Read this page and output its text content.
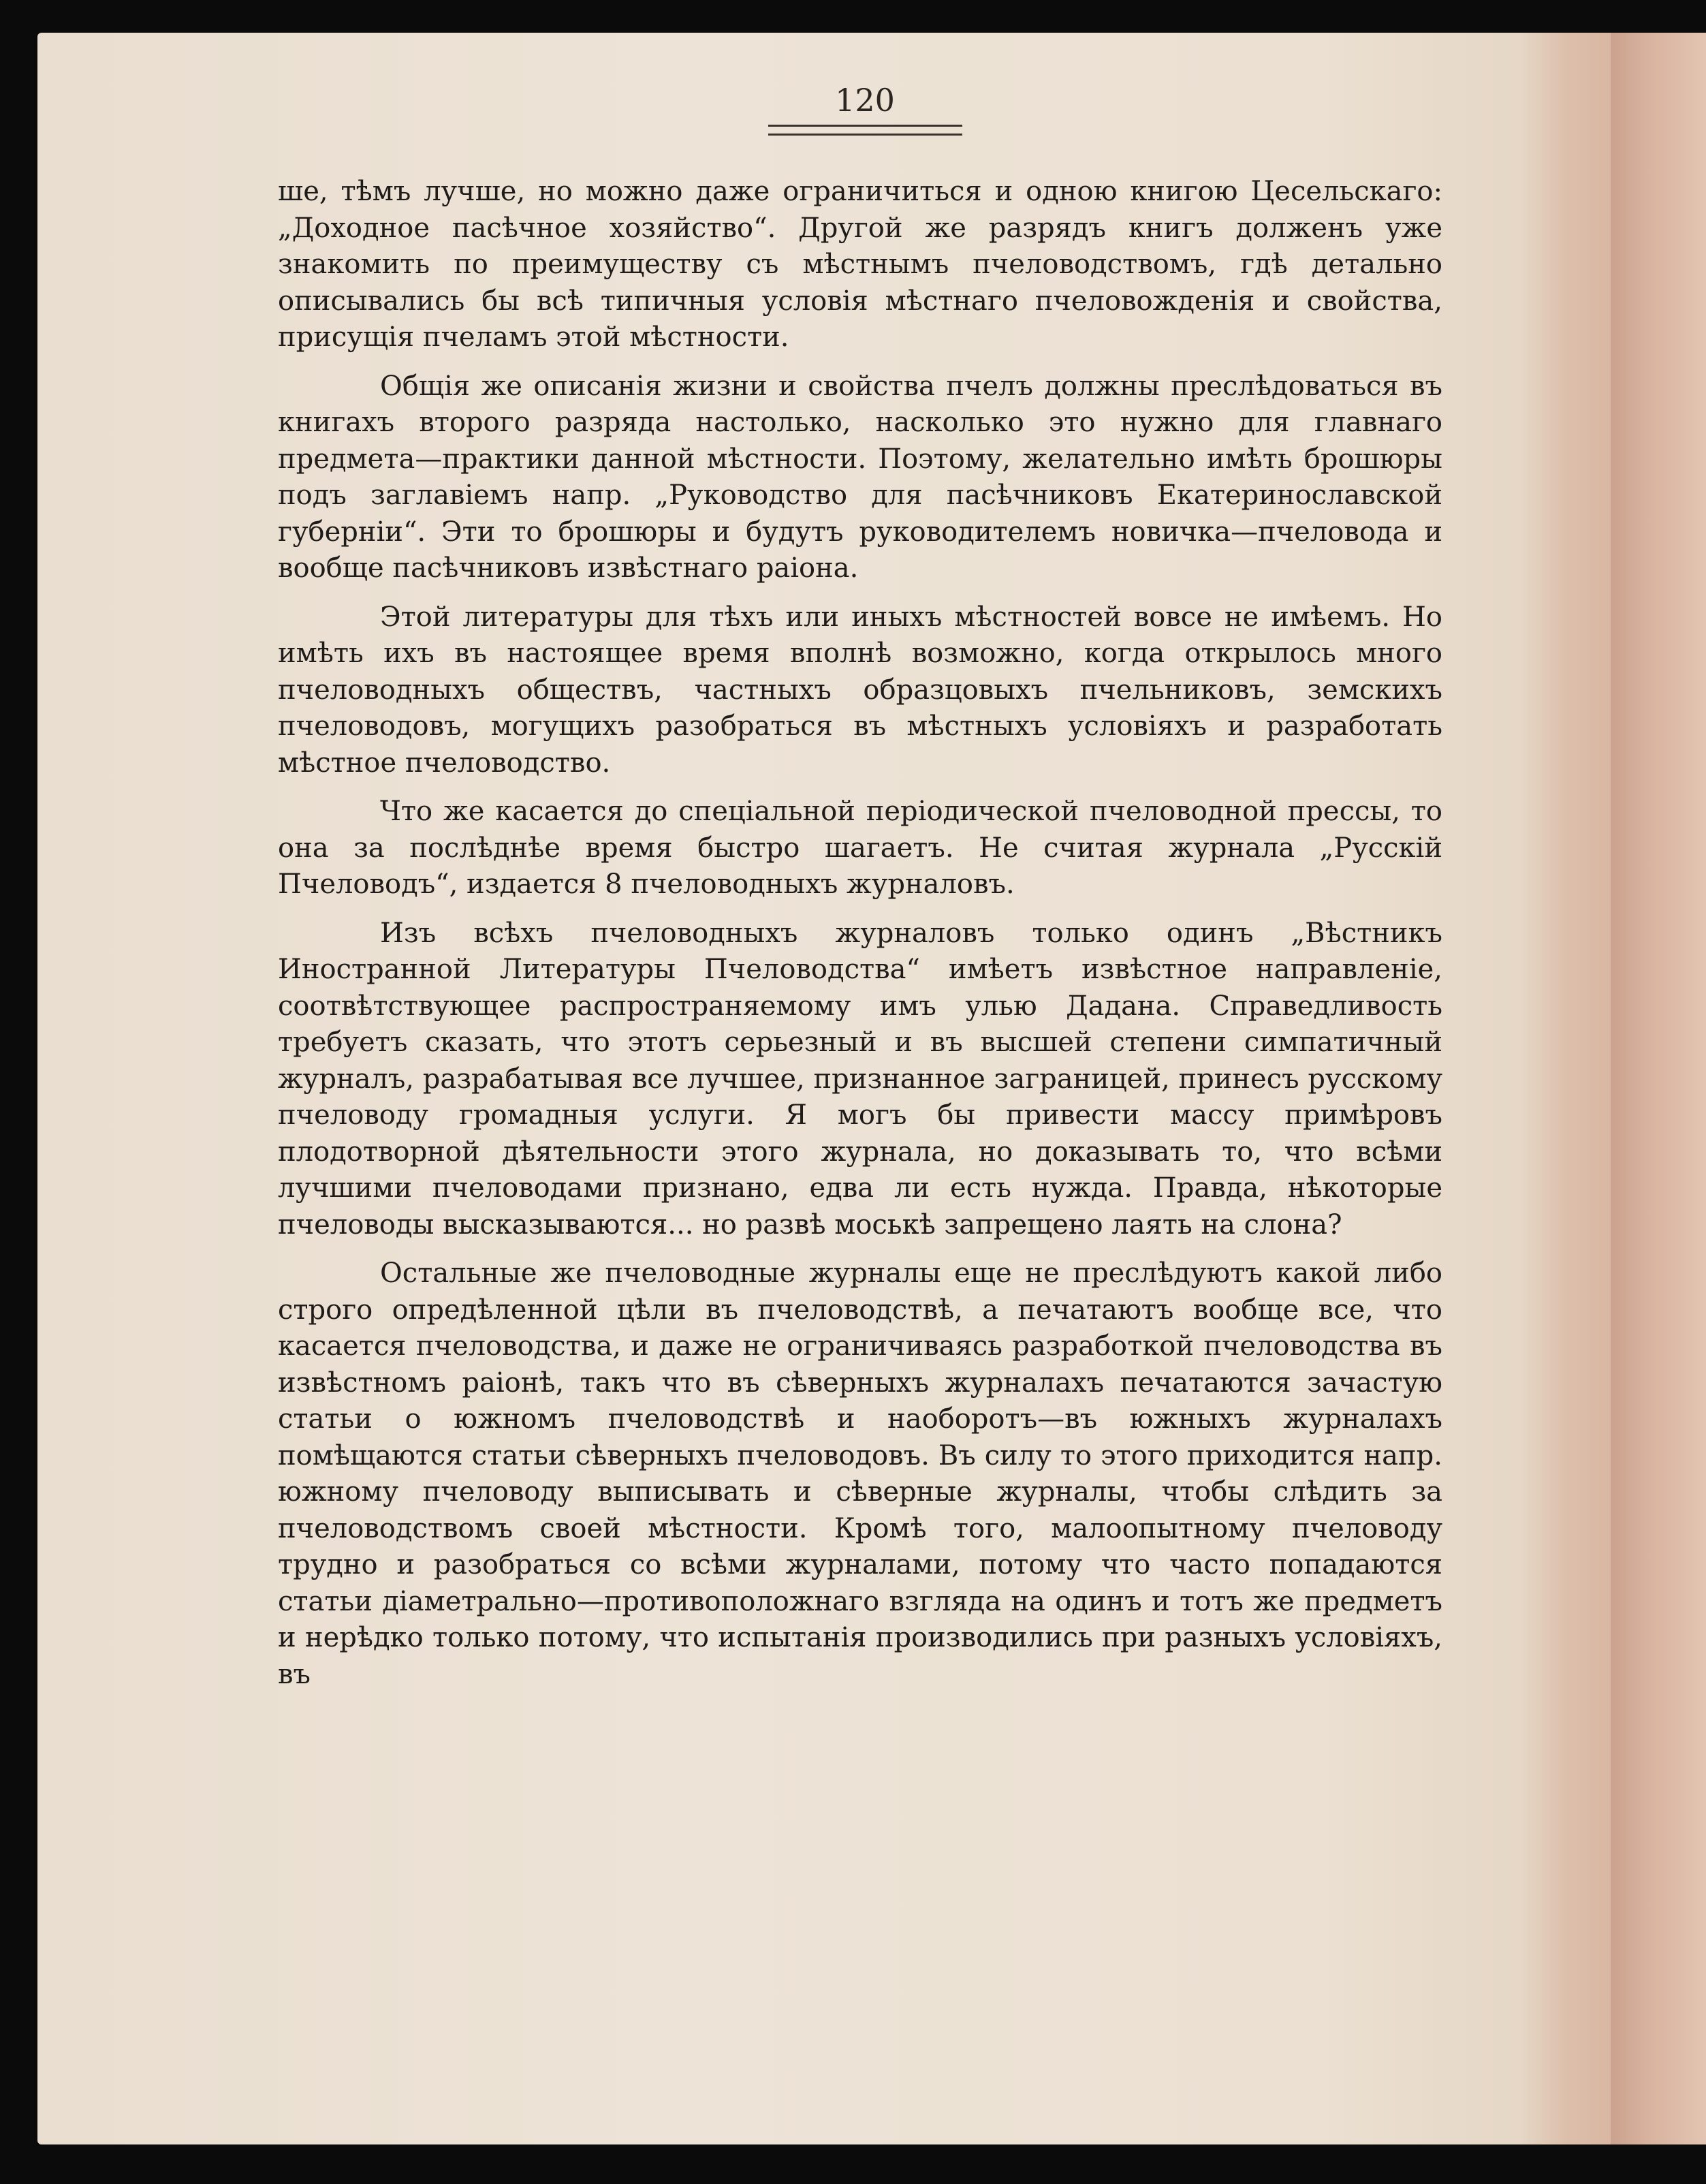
120

ше, тѣмъ лучше, но можно даже ограничиться и одною книгою Цесельскаго: „Доходное пасѣчное хозяйство“. Другой же разрядъ книгъ долженъ уже знакомить по преимуществу съ мѣстнымъ пчеловодствомъ, гдѣ детально описывались бы всѣ типичныя условія мѣстнаго пчеловожденія и свойства, присущія пчеламъ этой мѣстности.

Общія же описанія жизни и свойства пчелъ должны преслѣдоваться въ книгахъ второго разряда настолько, насколько это нужно для главнаго предмета—практики данной мѣстности. Поэтому, желательно имѣть брошюры подъ заглавіемъ напр. „Руководство для пасѣчниковъ Екатеринославской губерніи“. Эти то брошюры и будутъ руководителемъ новичка—пчеловода и вообще пасѣчниковъ извѣстнаго раіона.

Этой литературы для тѣхъ или иныхъ мѣстностей вовсе не имѣемъ. Но имѣть ихъ въ настоящее время вполнѣ возможно, когда открылось много пчеловодныхъ обществъ, частныхъ образцовыхъ пчельниковъ, земскихъ пчеловодовъ, могущихъ разобраться въ мѣстныхъ условіяхъ и разработать мѣстное пчеловодство.

Что же касается до спеціальной періодической пчеловодной прессы, то она за послѣднѣе время быстро шагаетъ. Не считая журнала „Русскій Пчеловодъ“, издается 8 пчеловодныхъ журналовъ.

Изъ всѣхъ пчеловодныхъ журналовъ только одинъ „Вѣстникъ Иностранной Литературы Пчеловодства“ имѣетъ извѣстное направленіе, соотвѣтствующее распространяемому имъ улью Дадана. Справедливость требуетъ сказать, что этотъ серьезный и въ высшей степени симпатичный журналъ, разрабатывая все лучшее, признанное заграницей, принесъ русскому пчеловоду громадныя услуги. Я могъ бы привести массу примѣровъ плодотворной дѣятельности этого журнала, но доказывать то, что всѣми лучшими пчеловодами признано, едва ли есть нужда. Правда, нѣкоторые пчеловоды высказываются... но развѣ моськѣ запрещено лаять на слона?

Остальные же пчеловодные журналы еще не преслѣдуютъ какой либо строго опредѣленной цѣли въ пчеловодствѣ, а печатаютъ вообще все, что касается пчеловодства, и даже не ограничиваясь разработкой пчеловодства въ извѣстномъ раіонѣ, такъ что въ сѣверныхъ журналахъ печатаются зачастую статьи о южномъ пчеловодствѣ и наоборотъ—въ южныхъ журналахъ помѣщаются статьи сѣверныхъ пчеловодовъ. Въ силу то этого приходится напр. южному пчеловоду выписывать и сѣверные журналы, чтобы слѣдить за пчеловодствомъ своей мѣстности. Кромѣ того, малоопытному пчеловоду трудно и разобраться со всѣми журналами, потому что часто попадаются статьи діаметрально—противоположнаго взгляда на одинъ и тотъ же предметъ и нерѣдко только потому, что испытанія производились при разныхъ условіяхъ, въ
